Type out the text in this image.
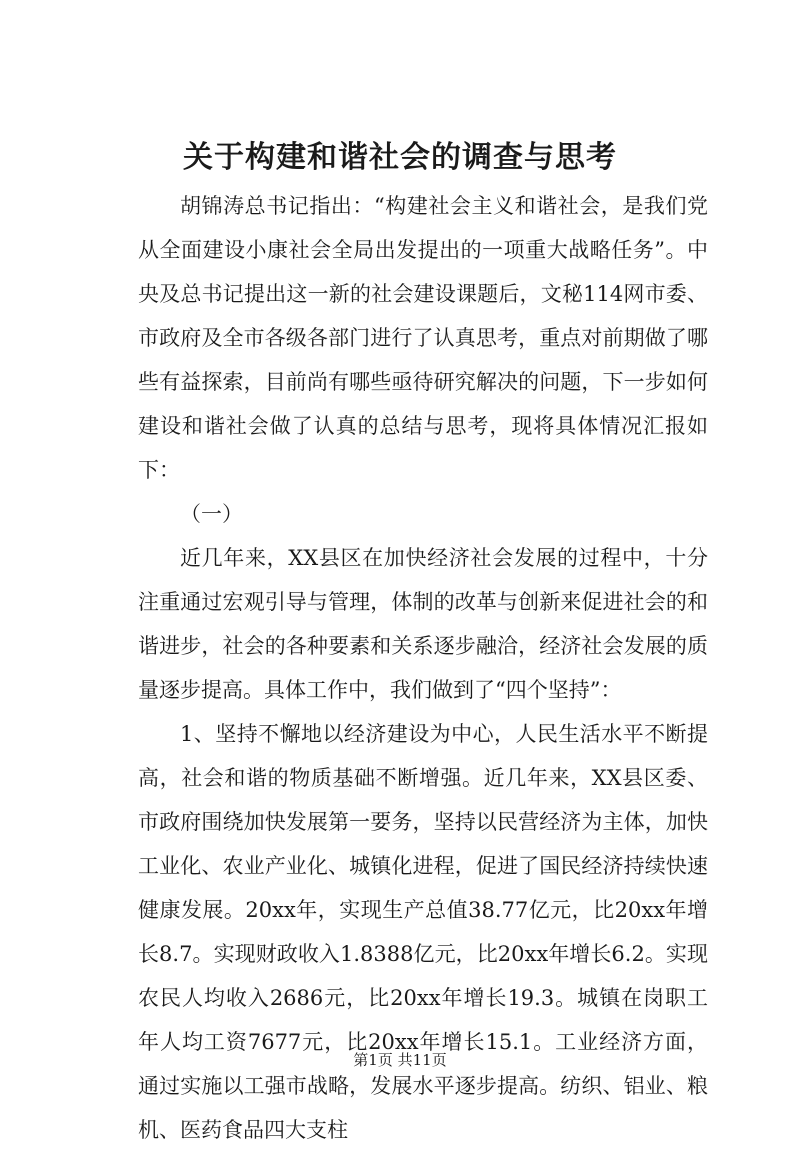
关于构建和谐社会的调查与思考

胡锦涛总书记指出：“构建社会主义和谐社会，是我们党从全面建设小康社会全局出发提出的一项重大战略任务”。中央及总书记提出这一新的社会建设课题后，文秘114网市委、市政府及全市各级各部门进行了认真思考，重点对前期做了哪些有益探索，目前尚有哪些亟待研究解决的问题，下一步如何建设和谐社会做了认真的总结与思考，现将具体情况汇报如下：

（一）

近几年来，XX县区在加快经济社会发展的过程中，十分注重通过宏观引导与管理，体制的改革与创新来促进社会的和谐进步，社会的各种要素和关系逐步融洽，经济社会发展的质量逐步提高。具体工作中，我们做到了“四个坚持”：

1、坚持不懈地以经济建设为中心，人民生活水平不断提高，社会和谐的物质基础不断增强。近几年来，XX县区委、市政府围绕加快发展第一要务，坚持以民营经济为主体，加快工业化、农业产业化、城镇化进程，促进了国民经济持续快速健康发展。20xx年，实现生产总值38.77亿元，比20xx年增长8.7。实现财政收入1.8388亿元，比20xx年增长6.2。实现农民人均收入2686元，比20xx年增长19.3。城镇在岗职工年人均工资7677元，比20xx年增长15.1。工业经济方面，通过实施以工强市战略，发展水平逐步提高。纺织、铝业、粮机、医药食品四大支柱

第1页 共11页
